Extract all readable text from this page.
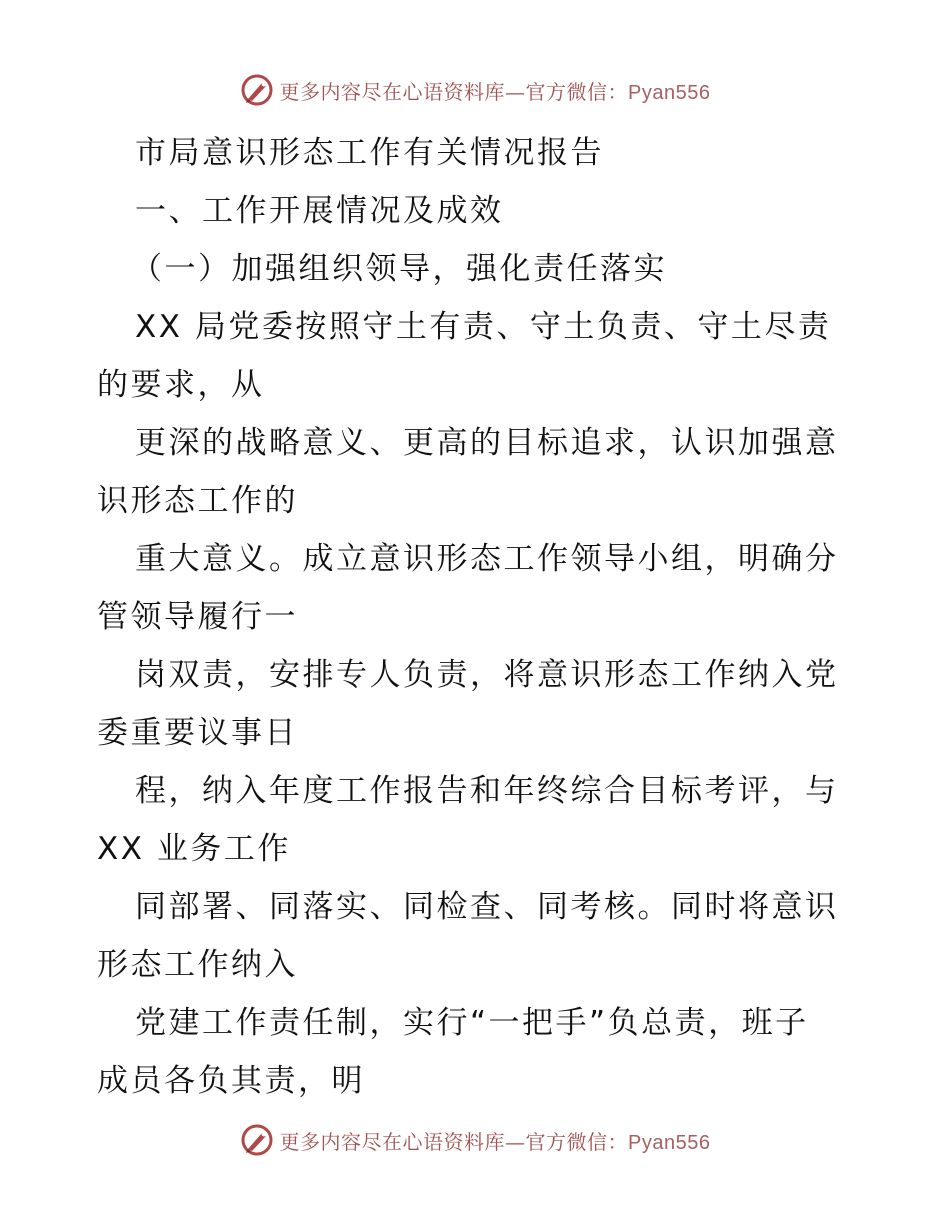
更多内容尽在心语资料库—官方微信：Pyan556
市局意识形态工作有关情况报告
一、工作开展情况及成效
（一）加强组织领导，强化责任落实
XX 局党委按照守土有责、守土负责、守土尽责
的要求，从
更深的战略意义、更高的目标追求，认识加强意
识形态工作的
重大意义。成立意识形态工作领导小组，明确分
管领导履行一
岗双责，安排专人负责，将意识形态工作纳入党
委重要议事日
程，纳入年度工作报告和年终综合目标考评，与
XX 业务工作
同部署、同落实、同检查、同考核。同时将意识
形态工作纳入
党建工作责任制，实行“一把手”负总责，班子
成员各负其责，明
更多内容尽在心语资料库—官方微信：Pyan556
